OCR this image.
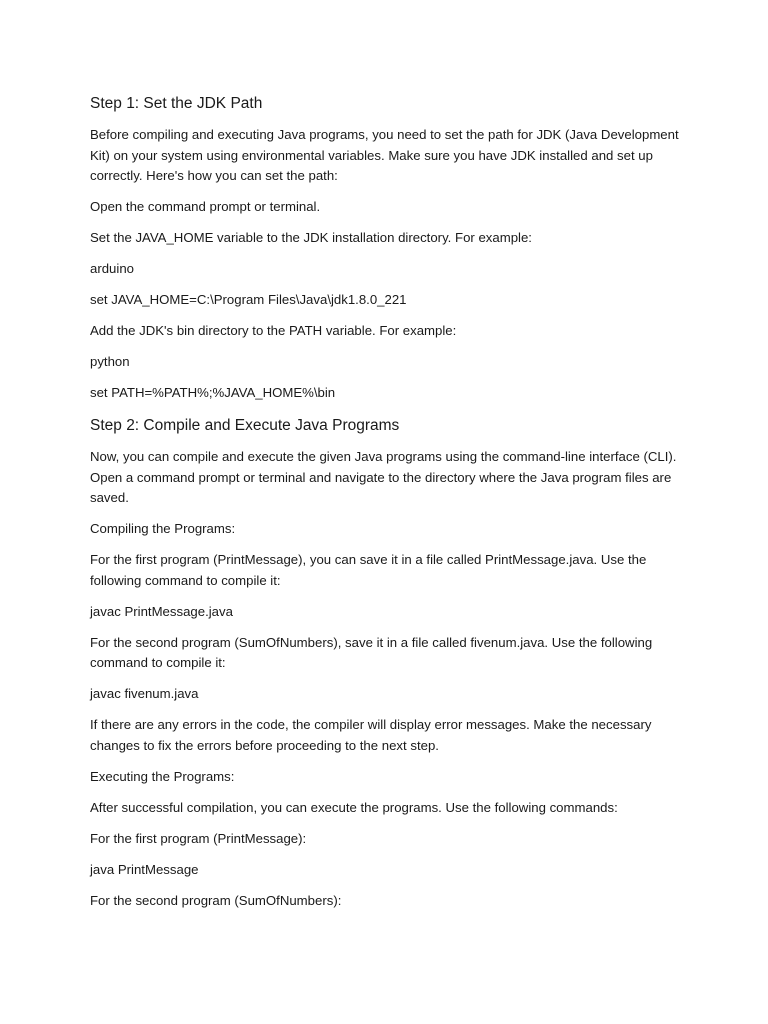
Step 1: Set the JDK Path

Before compiling and executing Java programs, you need to set the path for JDK (Java Development Kit) on your system using environmental variables. Make sure you have JDK installed and set up correctly. Here's how you can set the path:

Open the command prompt or terminal.

Set the JAVA_HOME variable to the JDK installation directory. For example:

arduino

set JAVA_HOME=C:\Program Files\Java\jdk1.8.0_221

Add the JDK's bin directory to the PATH variable. For example:

python

set PATH=%PATH%;%JAVA_HOME%\bin

Step 2: Compile and Execute Java Programs

Now, you can compile and execute the given Java programs using the command-line interface (CLI). Open a command prompt or terminal and navigate to the directory where the Java program files are saved.

Compiling the Programs:

For the first program (PrintMessage), you can save it in a file called PrintMessage.java. Use the following command to compile it:

javac PrintMessage.java

For the second program (SumOfNumbers), save it in a file called fivenum.java. Use the following command to compile it:

javac fivenum.java

If there are any errors in the code, the compiler will display error messages. Make the necessary changes to fix the errors before proceeding to the next step.

Executing the Programs:

After successful compilation, you can execute the programs. Use the following commands:

For the first program (PrintMessage):

java PrintMessage

For the second program (SumOfNumbers):
